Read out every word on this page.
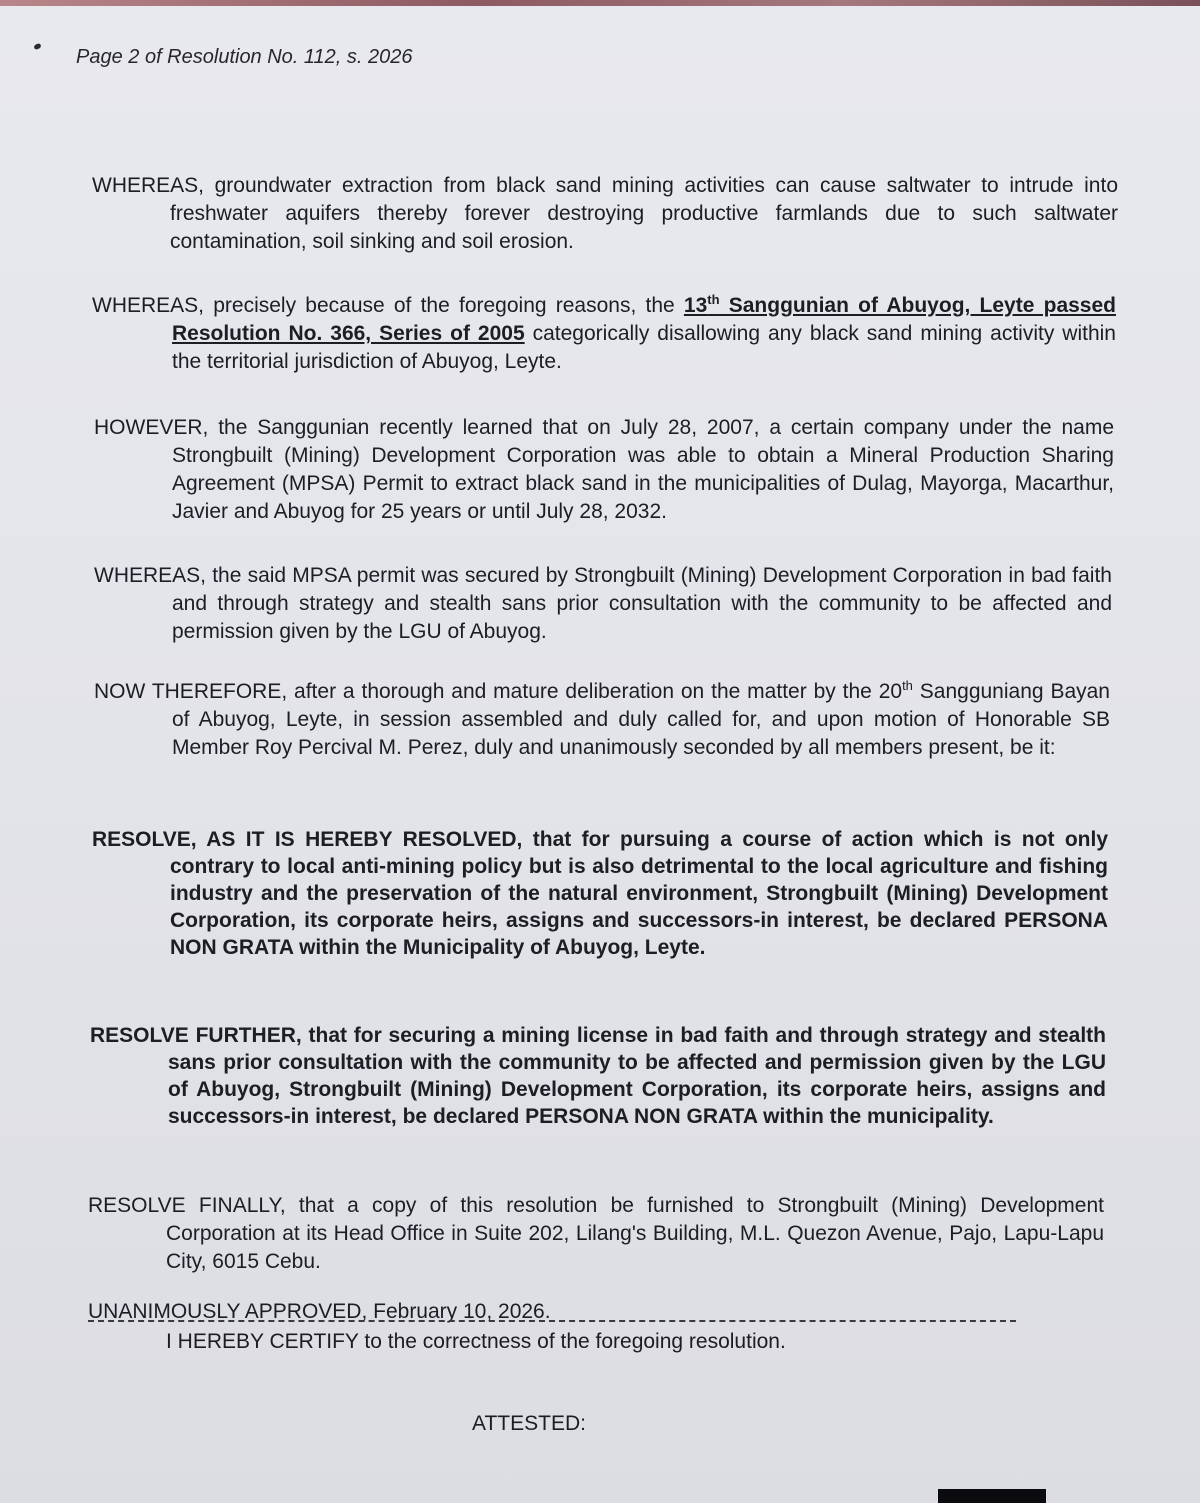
Page 2 of Resolution No. 112, s. 2026

WHEREAS, groundwater extraction from black sand mining activities can cause saltwater to intrude into freshwater aquifers thereby forever destroying productive farmlands due to such saltwater contamination, soil sinking and soil erosion.

WHEREAS, precisely because of the foregoing reasons, the 13th Sanggunian of Abuyog, Leyte passed Resolution No. 366, Series of 2005 categorically disallowing any black sand mining activity within the territorial jurisdiction of Abuyog, Leyte.

HOWEVER, the Sanggunian recently learned that on July 28, 2007, a certain company under the name Strongbuilt (Mining) Development Corporation was able to obtain a Mineral Production Sharing Agreement (MPSA) Permit to extract black sand in the municipalities of Dulag, Mayorga, Macarthur, Javier and Abuyog for 25 years or until July 28, 2032.

WHEREAS, the said MPSA permit was secured by Strongbuilt (Mining) Development Corporation in bad faith and through strategy and stealth sans prior consultation with the community to be affected and permission given by the LGU of Abuyog.

NOW THEREFORE, after a thorough and mature deliberation on the matter by the 20th Sangguniang Bayan of Abuyog, Leyte, in session assembled and duly called for, and upon motion of Honorable SB Member Roy Percival M. Perez, duly and unanimously seconded by all members present, be it:

RESOLVE, AS IT IS HEREBY RESOLVED, that for pursuing a course of action which is not only contrary to local anti-mining policy but is also detrimental to the local agriculture and fishing industry and the preservation of the natural environment, Strongbuilt (Mining) Development Corporation, its corporate heirs, assigns and successors-in interest, be declared PERSONA NON GRATA within the Municipality of Abuyog, Leyte.

RESOLVE FURTHER, that for securing a mining license in bad faith and through strategy and stealth sans prior consultation with the community to be affected and permission given by the LGU of Abuyog, Strongbuilt (Mining) Development Corporation, its corporate heirs, assigns and successors-in interest, be declared PERSONA NON GRATA within the municipality.

RESOLVE FINALLY, that a copy of this resolution be furnished to Strongbuilt (Mining) Development Corporation at its Head Office in Suite 202, Lilang's Building, M.L. Quezon Avenue, Pajo, Lapu-Lapu City, 6015 Cebu.

UNANIMOUSLY APPROVED, February 10, 2026.

I HEREBY CERTIFY to the correctness of the foregoing resolution.

ATTESTED:
